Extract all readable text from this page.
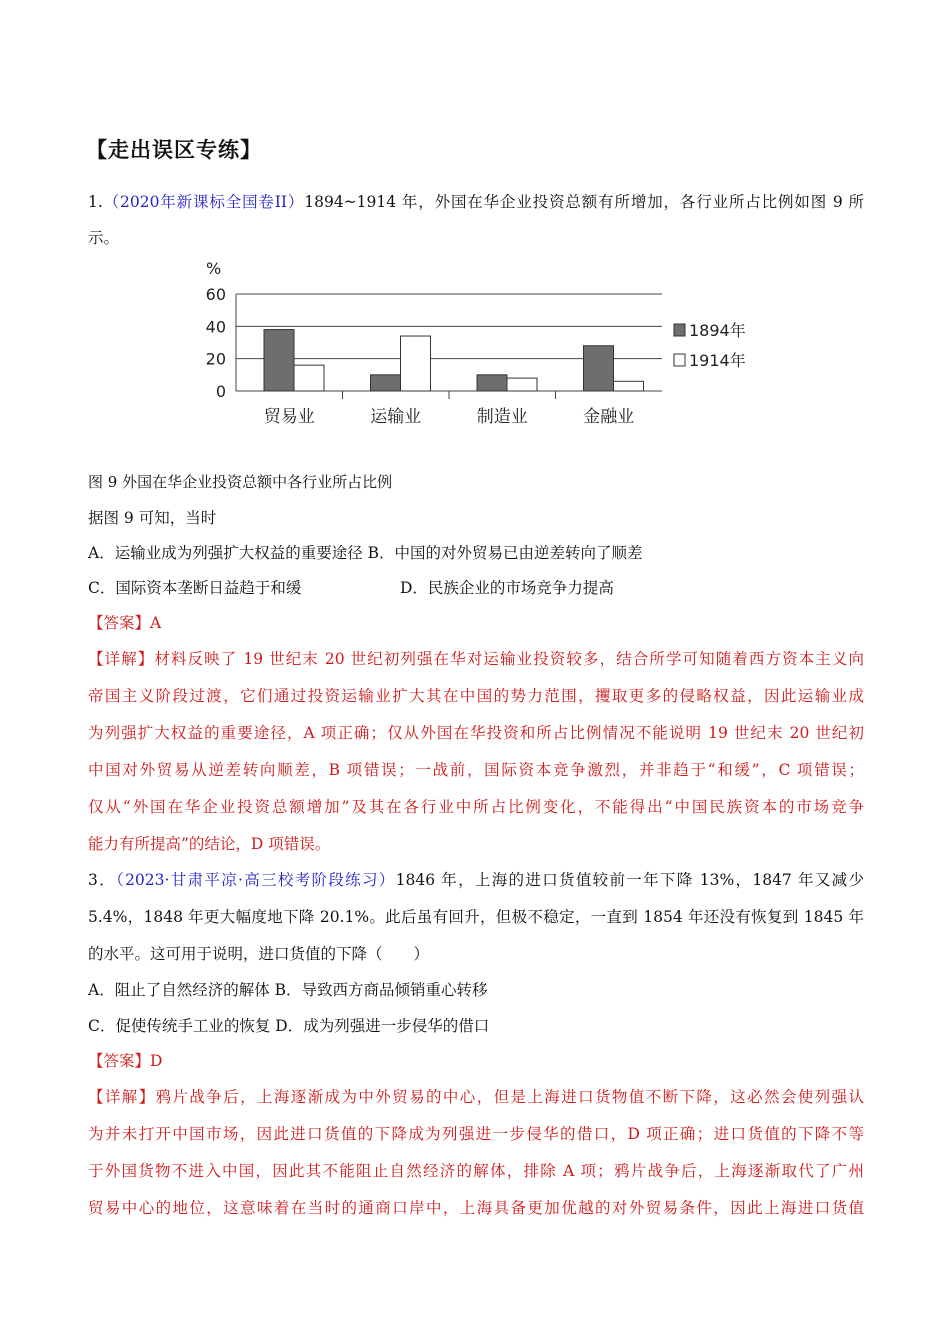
【走出误区专练】
1.（2020年新课标全国卷II）1894~1914 年，外国在华企业投资总额有所增加，各行业所占比例如图 9 所
示。
0
20
40
60
贸易业	运输业	制造业	金融业
1894年
1914年
%
图 9 外国在华企业投资总额中各行业所占比例
据图 9 可知，当时
A．运输业成为列强扩大权益的重要途径 B．中国的对外贸易已由逆差转向了顺差
C．国际资本垄断日益趋于和缓	D．民族企业的市场竞争力提高
【答案】A
【详解】材料反映了 19 世纪末 20 世纪初列强在华对运输业投资较多，结合所学可知随着西方资本主义向
帝国主义阶段过渡，它们通过投资运输业扩大其在中国的势力范围，攫取更多的侵略权益，因此运输业成
为列强扩大权益的重要途径，A 项正确；仅从外国在华投资和所占比例情况不能说明 19 世纪末 20 世纪初
中国对外贸易从逆差转向顺差，B 项错误；一战前，国际资本竞争激烈，并非趋于“和缓”，C 项错误；
仅从“外国在华企业投资总额增加”及其在各行业中所占比例变化，不能得出“中国民族资本的市场竞争
能力有所提高”的结论，D 项错误。
3．（2023·甘肃平凉·高三校考阶段练习）1846 年，上海的进口货值较前一年下降 13%，1847 年又减少
5.4%，1848 年更大幅度地下降 20.1%。此后虽有回升，但极不稳定，一直到 1854 年还没有恢复到 1845 年
的水平。这可用于说明，进口货值的下降（　　）
A．阻止了自然经济的解体 B．导致西方商品倾销重心转移
C．促使传统手工业的恢复 D．成为列强进一步侵华的借口
【答案】D
【详解】鸦片战争后，上海逐渐成为中外贸易的中心，但是上海进口货物值不断下降，这必然会使列强认
为并未打开中国市场，因此进口货值的下降成为列强进一步侵华的借口，D 项正确；进口货值的下降不等
于外国货物不进入中国，因此其不能阻止自然经济的解体，排除 A 项；鸦片战争后，上海逐渐取代了广州
贸易中心的地位，这意味着在当时的通商口岸中，上海具备更加优越的对外贸易条件，因此上海进口货值
